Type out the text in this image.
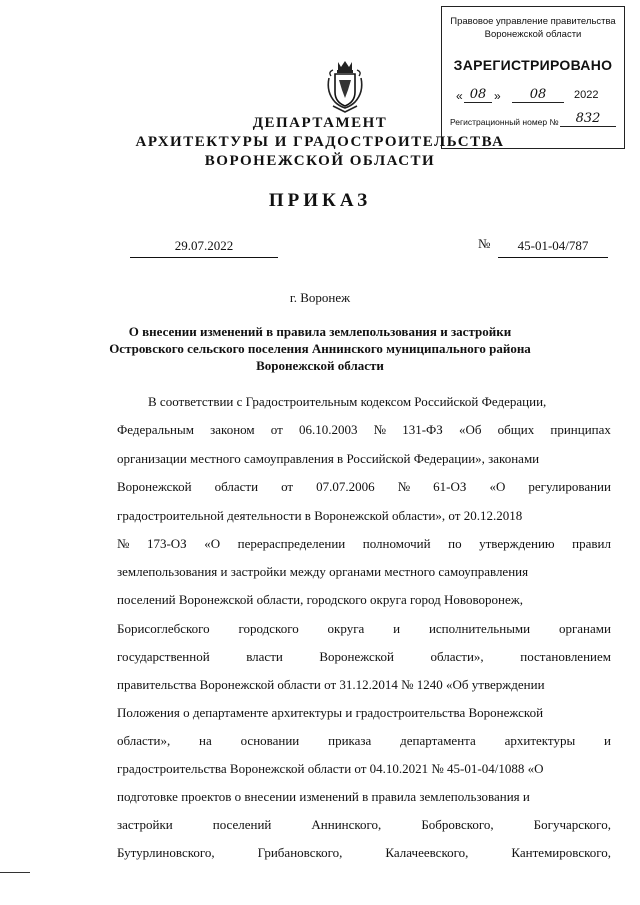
Правовое управление правительства
Воронежской области
ЗАРЕГИСТРИРОВАНО
« 08 »	08	2022
Регистрационный номер №	832
ДЕПАРТАМЕНТ
АРХИТЕКТУРЫ И ГРАДОСТРОИТЕЛЬСТВА
ВОРОНЕЖСКОЙ ОБЛАСТИ
ПРИКАЗ
29.07.2022	№	45-01-04/787
г. Воронеж
О внесении изменений в правила землепользования и застройки
Островского сельского поселения Аннинского муниципального района
Воронежской области
В соответствии с Градостроительным кодексом Российской Федерации,
Федеральным законом от 06.10.2003 № 131-ФЗ «Об общих принципах
организации местного самоуправления в Российской Федерации», законами
Воронежской области от 07.07.2006 № 61-ОЗ «О регулировании
градостроительной деятельности в Воронежской области», от 20.12.2018
№ 173-ОЗ «О перераспределении полномочий по утверждению правил
землепользования и застройки между органами местного самоуправления
поселений Воронежской области, городского округа город Нововоронеж,
Борисоглебского городского округа и исполнительными органами
государственной	власти	Воронежской	области»,	постановлением
правительства Воронежской области от 31.12.2014 № 1240 «Об утверждении
Положения о департаменте архитектуры и градостроительства Воронежской
области», на основании приказа департамента архитектуры и
градостроительства Воронежской области от 04.10.2021 № 45-01-04/1088 «О
подготовке проектов о внесении изменений в правила землепользования и
застройки	поселений	Аннинского,	Бобровского,	Богучарского,
Бутурлиновского,	Грибановского,	Калачеевского,	Кантемировского,
